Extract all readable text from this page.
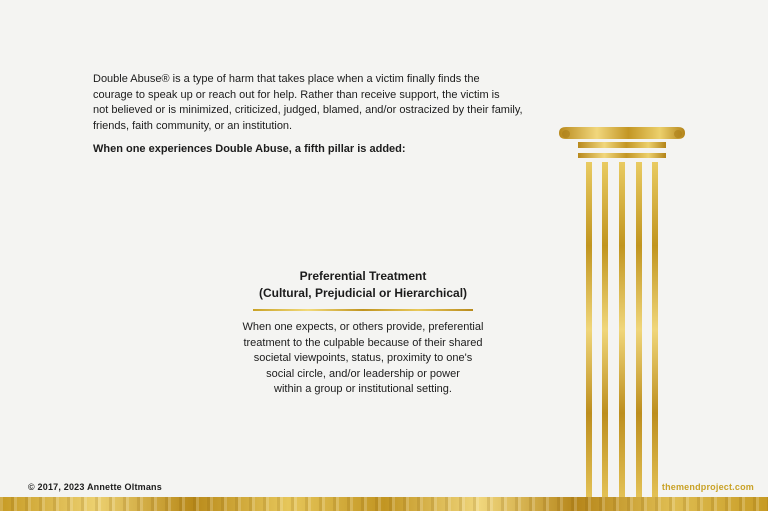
Double Abuse® is a type of harm that takes place when a victim finally finds the
courage to speak up or reach out for help. Rather than receive support, the victim is
not believed or is minimized, criticized, judged, blamed, and/or ostracized by their family,
friends, faith community, or an institution.

When one experiences Double Abuse, a fifth pillar is added:

Preferential Treatment
(Cultural, Prejudicial or Hierarchical)

When one expects, or others provide, preferential
treatment to the culpable because of their shared
societal viewpoints, status, proximity to one's
social circle, and/or leadership or power
within a group or institutional setting.

© 2017, 2023 Annette Oltmans	themendproject.com
